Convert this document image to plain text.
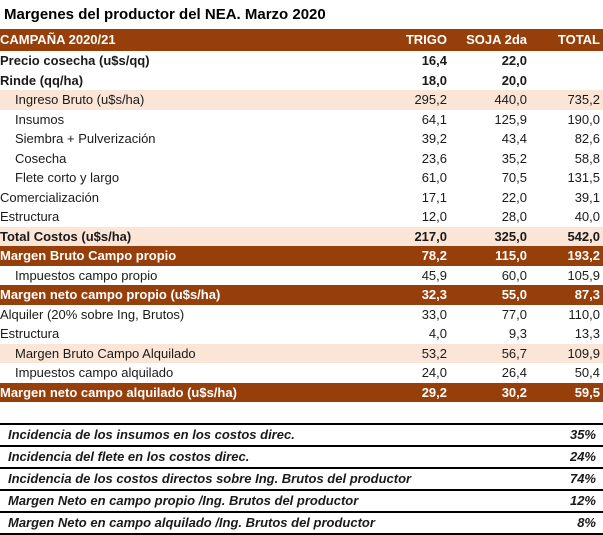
Margenes del productor del NEA. Marzo 2020
CAMPAÑA 2020/21	TRIGO	SOJA 2da	TOTAL
Precio cosecha (u$s/qq)	16,4	22,0	
Rinde (qq/ha)	18,0	20,0	
Ingreso Bruto (u$s/ha)	295,2	440,0	735,2
Insumos	64,1	125,9	190,0
Siembra + Pulverización	39,2	43,4	82,6
Cosecha	23,6	35,2	58,8
Flete corto y largo	61,0	70,5	131,5
Comercialización	17,1	22,0	39,1
Estructura	12,0	28,0	40,0
Total Costos (u$s/ha)	217,0	325,0	542,0
Margen Bruto Campo propio	78,2	115,0	193,2
Impuestos campo propio	45,9	60,0	105,9
Margen neto campo propio (u$s/ha)	32,3	55,0	87,3
Alquiler (20% sobre Ing, Brutos)	33,0	77,0	110,0
Estructura	4,0	9,3	13,3
Margen Bruto Campo Alquilado	53,2	56,7	109,9
Impuestos campo alquilado	24,0	26,4	50,4
Margen neto campo alquilado (u$s/ha)	29,2	30,2	59,5
Incidencia de los insumos en los costos direc.	35%
Incidencia del flete en los costos direc.	24%
Incidencia de los costos directos sobre Ing. Brutos del productor	74%
Margen Neto en campo propio /Ing. Brutos del productor	12%
Margen Neto en campo alquilado /Ing. Brutos del productor	8%
